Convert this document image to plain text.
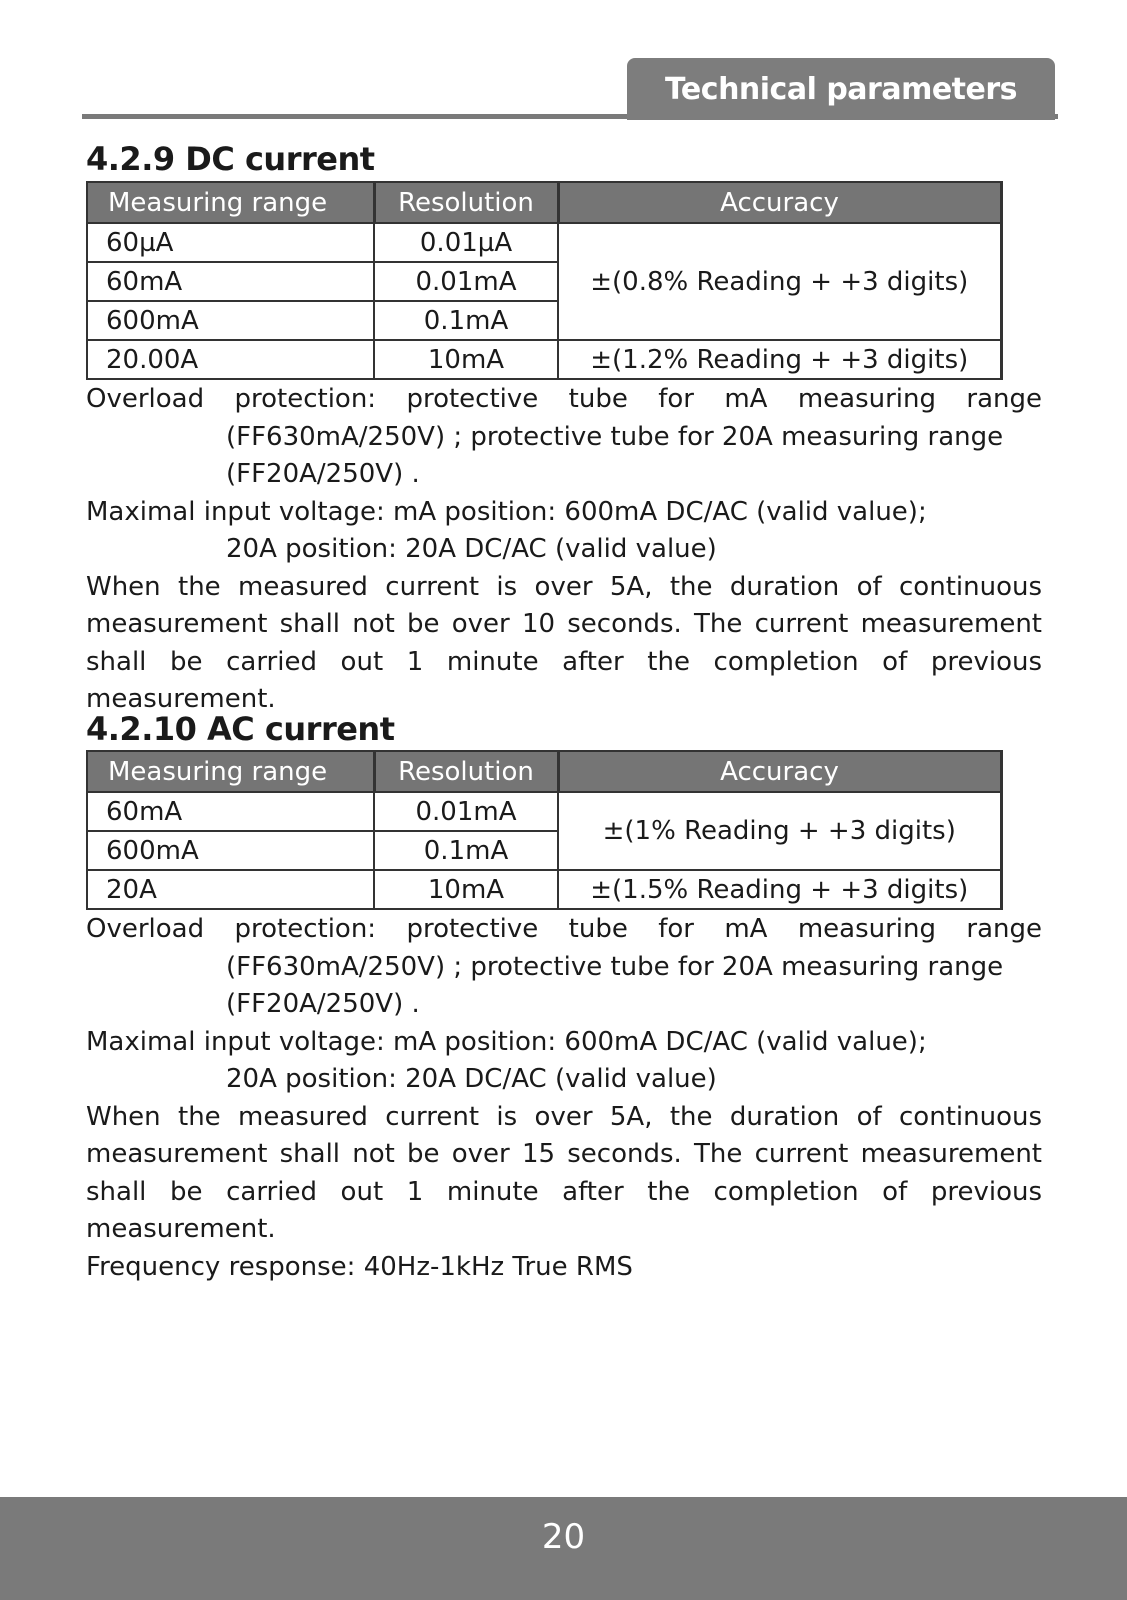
Technical parameters
4.2.9 DC current
Measuring range	Resolution	Accuracy
60µA	0.01µA	±(0.8% Reading + +3 digits)
60mA	0.01mA	
600mA	0.1mA	
20.00A	10mA	±(1.2% Reading + +3 digits)

Overload protection: protective tube for mA measuring range

(FF630mA/250V) ; protective tube for 20A measuring range

(FF20A/250V) .

Maximal input voltage: mA position: 600mA DC/AC (valid value);

20A position: 20A DC/AC (valid value)

When the measured current is over 5A, the duration of continuous

measurement shall not be over 10 seconds. The current measurement

shall be carried out 1 minute after the completion of previous

measurement.

4.2.10 AC current
Measuring range	Resolution	Accuracy
60mA	0.01mA	±(1% Reading + +3 digits)
600mA	0.1mA	
20A	10mA	±(1.5% Reading + +3 digits)

Overload protection: protective tube for mA measuring range

(FF630mA/250V) ; protective tube for 20A measuring range

(FF20A/250V) .

Maximal input voltage: mA position: 600mA DC/AC (valid value);

20A position: 20A DC/AC (valid value)

When the measured current is over 5A, the duration of continuous

measurement shall not be over 15 seconds. The current measurement

shall be carried out 1 minute after the completion of previous

measurement.

Frequency response: 40Hz-1kHz True RMS

20
